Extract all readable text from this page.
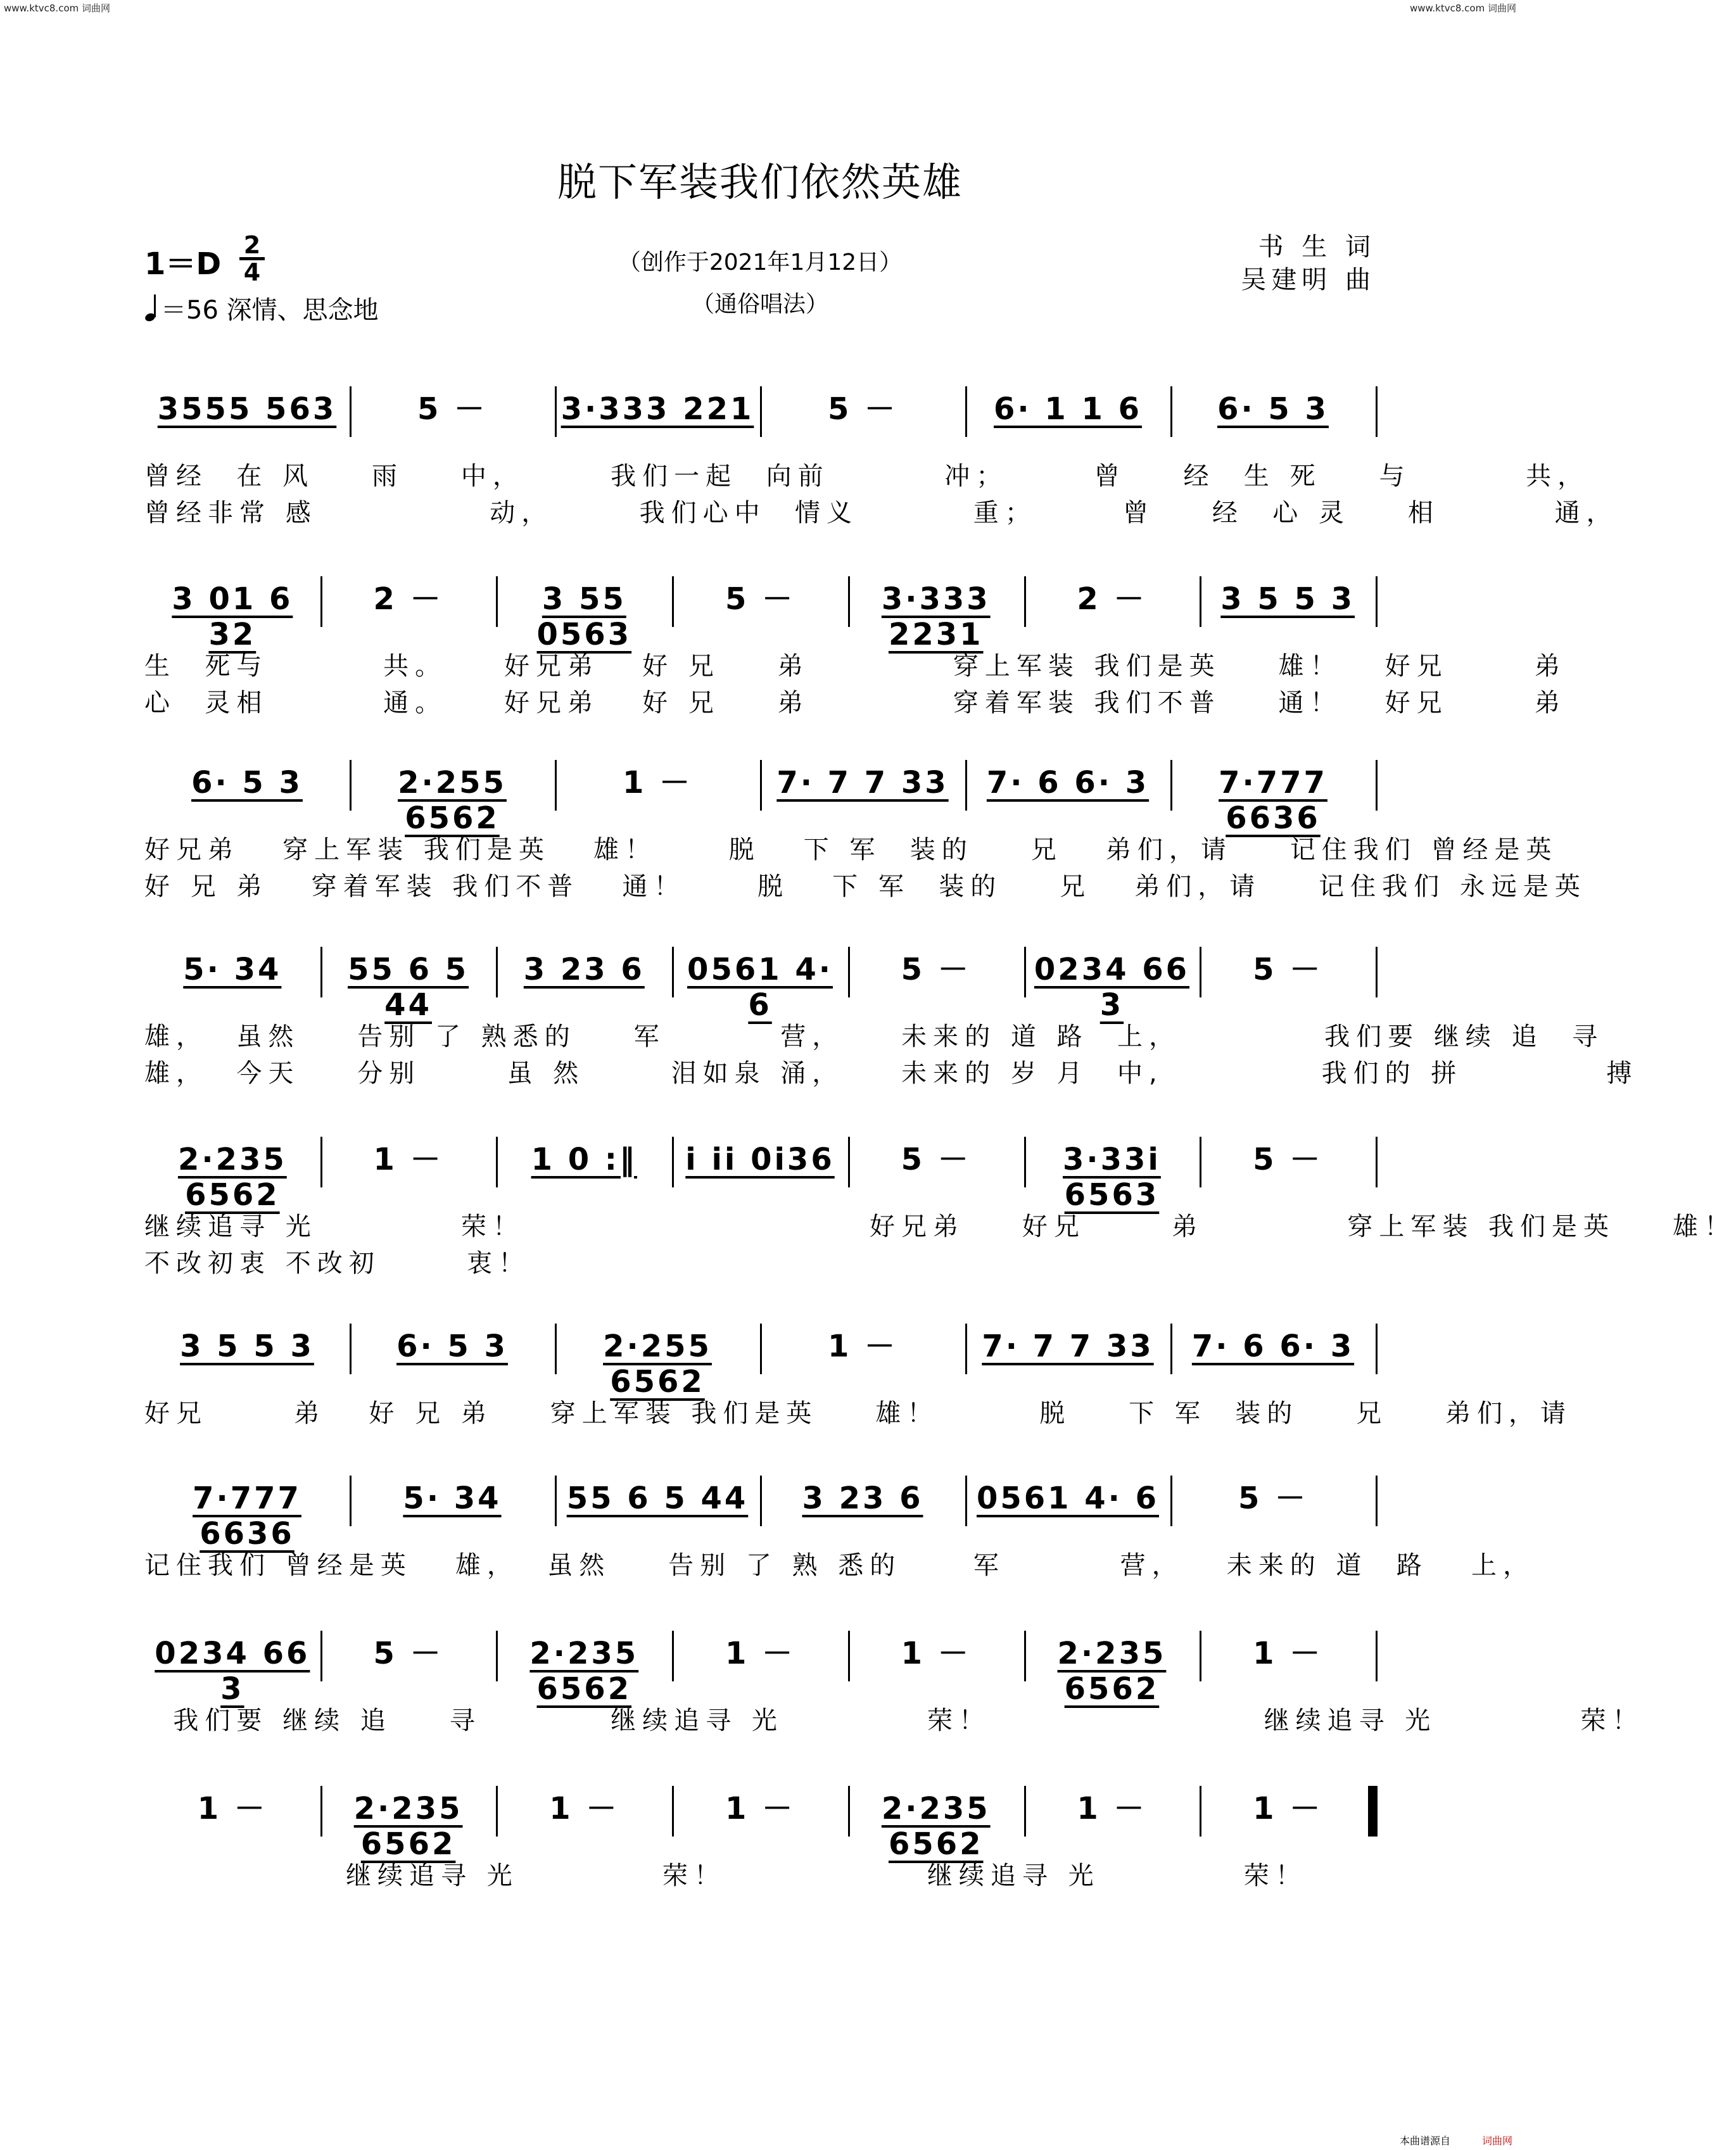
www.ktvc8.com 词曲网	www.ktvc8.com 词曲网
脱下军装我们依然英雄
1＝D
2
4
＝56 深情、思念地
（创作于2021年1月12日）
（通俗唱法）
书 生 词
吴建明 曲
3555 563	5 －	3·333 221	5 －	6· 1 1 6	6· 5 3
曾经  在 风    雨    中，      我们一起  向前        冲；      曾    经  生 死    与        共，
曾经非常 感            动，      我们心中  情义        重；      曾    经  心 灵    相        通，
3 01 6 32
2 －	3 55 0563
5 －	3·333 2231
2 －	3 5 5 3
生  死与        共。    好兄弟   好 兄    弟          穿上军装 我们是英    雄！   好兄      弟
心  灵相        通。    好兄弟   好 兄    弟          穿着军装 我们不普    通！   好兄      弟
6· 5 3	2·255 6562
1 －	7· 7 7 33	7· 6 6· 3	7·777 6636
好兄弟   穿上军装 我们是英   雄！     脱   下 军  装的    兄   弟们，请    记住我们 曾经是英
好 兄 弟   穿着军装 我们不普   通！     脱   下 军  装的    兄   弟们，请    记住我们 永远是英
5· 34	55 6 5 44
3 23 6	0561 4· 6
5 －	0234 66 3
5 －
雄，  虽然    告别 了 熟悉的    军        营，    未来的 道 路  上，          我们要 继续 追  寻
雄，  今天    分别      虽 然      泪如泉 涌，    未来的 岁 月  中,           我们的 拼          搏
2·235 6562
1 －	1 0 :‖	i ii 0i36	5 －	3·33i 6563
5 －
继续追寻 光          荣！                        好兄弟    好兄      弟          穿上军装 我们是英    雄！
不改初衷 不改初      衷！
3 5 5 3	6· 5 3	2·255 6562
1 －	7· 7 7 33	7· 6 6· 3
好兄      弟   好 兄 弟    穿上军装 我们是英    雄！       脱    下 军  装的    兄    弟们，请
7·777 6636
5· 34	55 6 5 44	3 23 6	0561 4· 6	5 －
记住我们 曾经是英   雄，  虽然    告别 了 熟 悉的     军        营，   未来的 道  路   上，
0234 66 3
5 －	2·235 6562
1 －	1 －	2·235 6562
1 －
我们要 继续 追    寻         继续追寻 光          荣！                   继续追寻 光          荣！
1 －	2·235 6562
1 －	1 －	2·235 6562
1 －	1 －
继续追寻 光          荣！              继续追寻 光          荣！
本曲谱源自	词曲网
